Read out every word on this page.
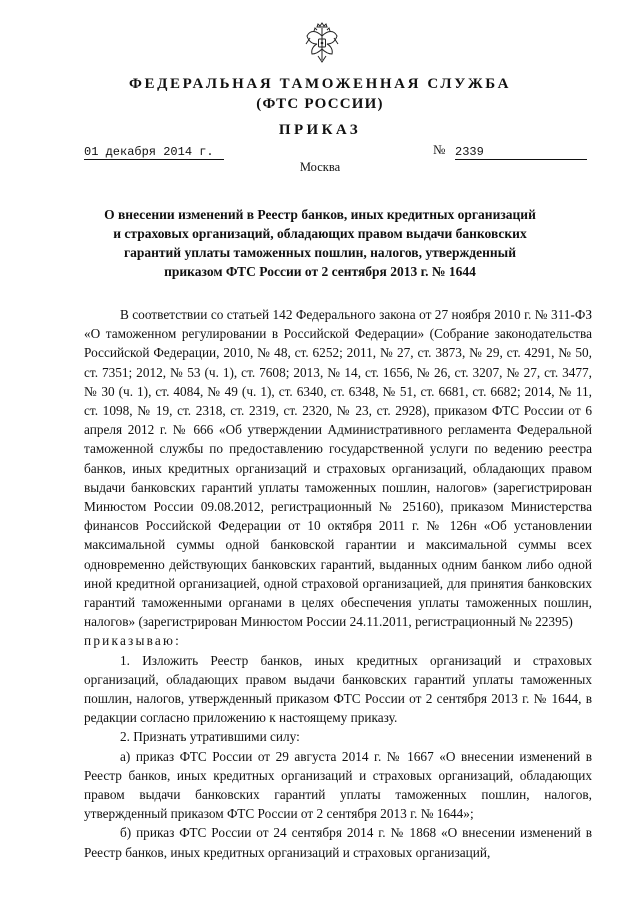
ФЕДЕРАЛЬНАЯ ТАМОЖЕННАЯ СЛУЖБА
(ФТС РОССИИ)
ПРИКАЗ
01 декабря 2014 г.	№ 2339
Москва
О внесении изменений в Реестр банков, иных кредитных организаций и страховых организаций, обладающих правом выдачи банковских гарантий уплаты таможенных пошлин, налогов, утвержденный приказом ФТС России от 2 сентября 2013 г. № 1644

В соответствии со статьей 142 Федерального закона от 27 ноября 2010 г. № 311-ФЗ «О таможенном регулировании в Российской Федерации» (Собрание законодательства Российской Федерации, 2010, № 48, ст. 6252; 2011, № 27, ст. 3873, № 29, ст. 4291, № 50, ст. 7351; 2012, № 53 (ч. 1), ст. 7608; 2013, № 14, ст. 1656, № 26, ст. 3207, № 27, ст. 3477, № 30 (ч. 1), ст. 4084, № 49 (ч. 1), ст. 6340, ст. 6348, № 51, ст. 6681, ст. 6682; 2014, № 11, ст. 1098, № 19, ст. 2318, ст. 2319, ст. 2320, № 23, ст. 2928), приказом ФТС России от 6 апреля 2012 г. № 666 «Об утверждении Административного регламента Федеральной таможенной службы по предоставлению государственной услуги по ведению реестра банков, иных кредитных организаций и страховых организаций, обладающих правом выдачи банковских гарантий уплаты таможенных пошлин, налогов» (зарегистрирован Минюстом России 09.08.2012, регистрационный № 25160), приказом Министерства финансов Российской Федерации от 10 октября 2011 г. № 126н «Об установлении максимальной суммы одной банковской гарантии и максимальной суммы всех одновременно действующих банковских гарантий, выданных одним банком либо одной иной кредитной организацией, одной страховой организацией, для принятия банковских гарантий таможенными органами в целях обеспечения уплаты таможенных пошлин, налогов» (зарегистрирован Минюстом России 24.11.2011, регистрационный № 22395)

приказываю:

1. Изложить Реестр банков, иных кредитных организаций и страховых организаций, обладающих правом выдачи банковских гарантий уплаты таможенных пошлин, налогов, утвержденный приказом ФТС России от 2 сентября 2013 г. № 1644, в редакции согласно приложению к настоящему приказу.

2. Признать утратившими силу:

а) приказ ФТС России от 29 августа 2014 г. № 1667 «О внесении изменений в Реестр банков, иных кредитных организаций и страховых организаций, обладающих правом выдачи банковских гарантий уплаты таможенных пошлин, налогов, утвержденный приказом ФТС России от 2 сентября 2013 г. № 1644»;

б) приказ ФТС России от 24 сентября 2014 г. № 1868 «О внесении изменений в Реестр банков, иных кредитных организаций и страховых организаций,
